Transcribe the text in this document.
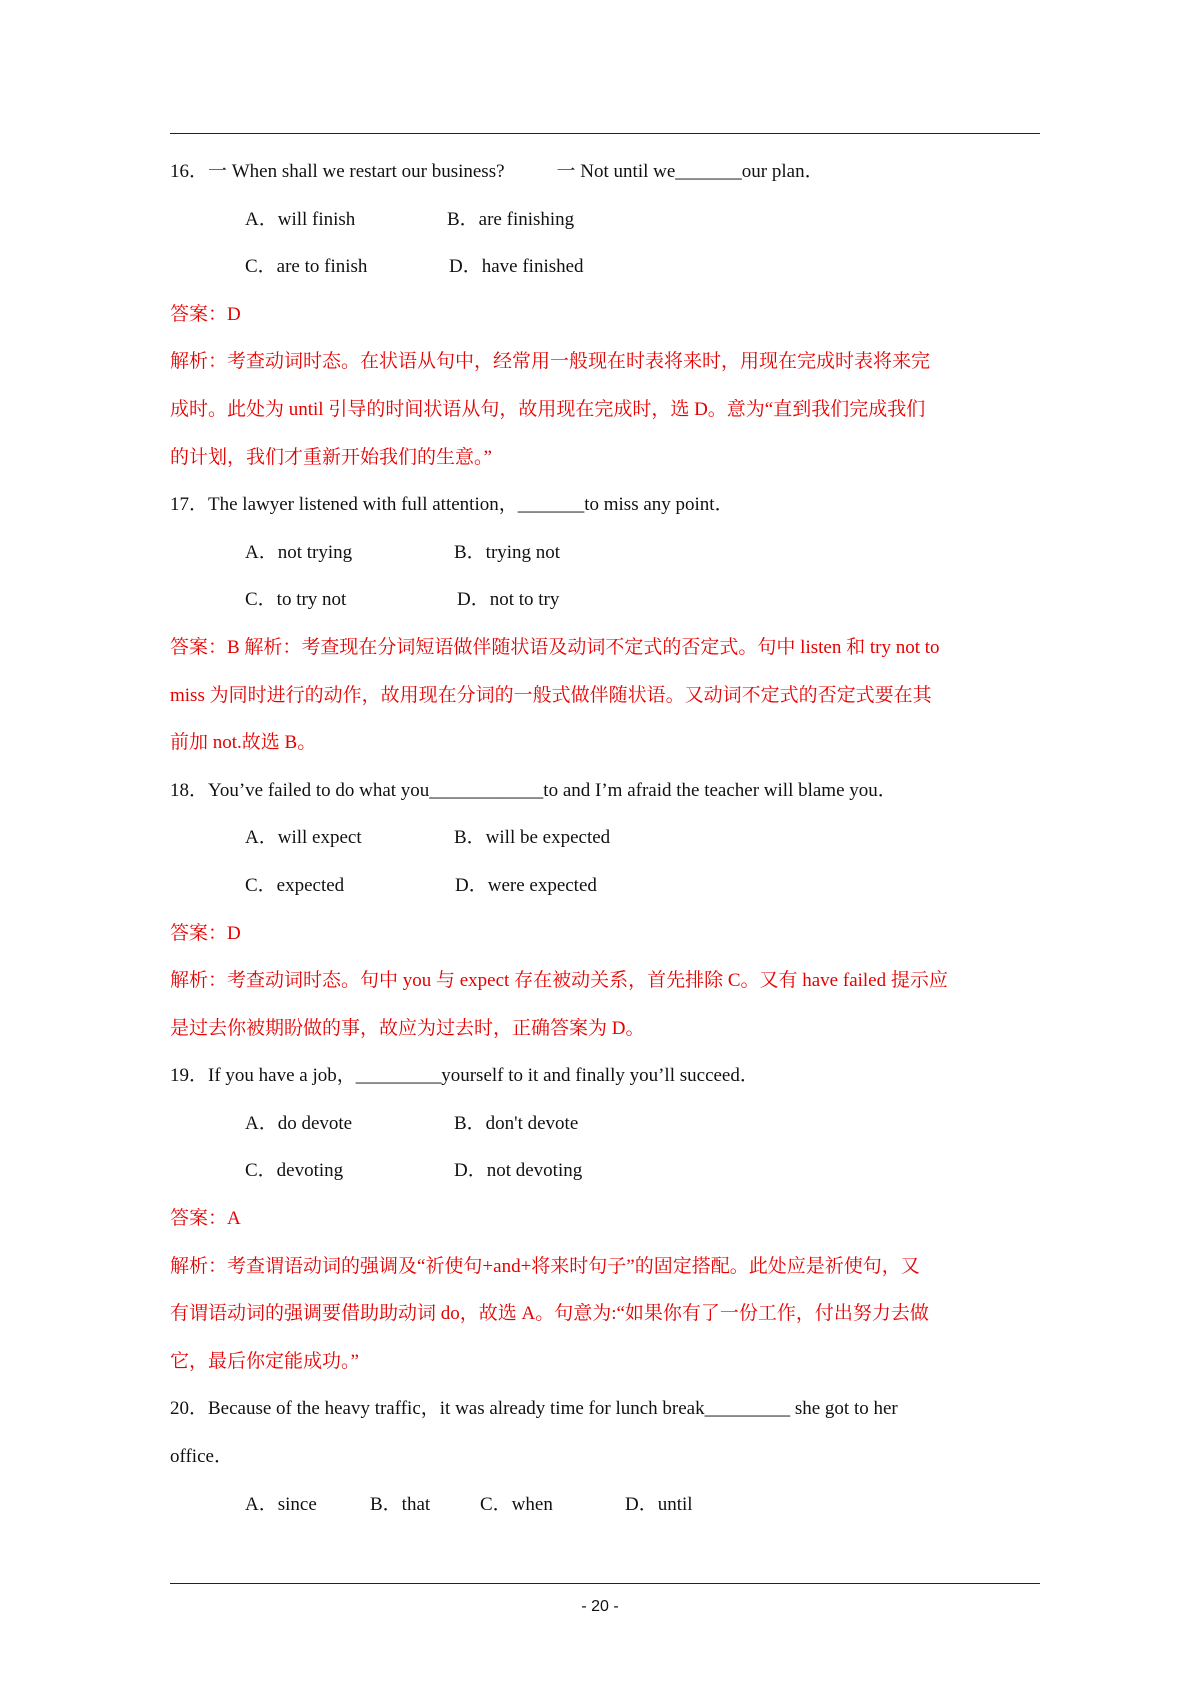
16．一 When shall we restart our business?	一 Not until we_______our plan．
A．will finish	B．are finishing
C．are to finish	D．have finished
答案：D
解析：考查动词时态。在状语从句中，经常用一般现在时表将来时，用现在完成时表将来完
成时。此处为 until 引导的时间状语从句，故用现在完成时，选 D。意为“直到我们完成我们
的计划，我们才重新开始我们的生意。”
17．The lawyer listened with full attention，_______to miss any point．
A．not trying	B．trying not
C．to try not	D．not to try
答案：B 解析：考查现在分词短语做伴随状语及动词不定式的否定式。句中 listen 和 try not to
miss 为同时进行的动作，故用现在分词的一般式做伴随状语。又动词不定式的否定式要在其
前加 not.故选 B。
18．You’ve failed to do what you____________to and I’m afraid the teacher will blame you．
A．will expect	B．will be expected
C．expected	D．were expected
答案：D
解析：考查动词时态。句中 you 与 expect 存在被动关系，首先排除 C。又有 have failed 提示应
是过去你被期盼做的事，故应为过去时，正确答案为 D。
19．If you have a job，_________yourself to it and finally you’ll succeed．
A．do devote	B．don't devote
C．devoting	D．not devoting
答案：A
解析：考查谓语动词的强调及“祈使句+and+将来时句子”的固定搭配。此处应是祈使句，又
有谓语动词的强调要借助助动词 do，故选 A。句意为:“如果你有了一份工作，付出努力去做
它，最后你定能成功。”
20．Because of the heavy traffic，it was already time for lunch break_________ she got to her
office．
A．since	B．that	C．when	D．until
- 20 -
